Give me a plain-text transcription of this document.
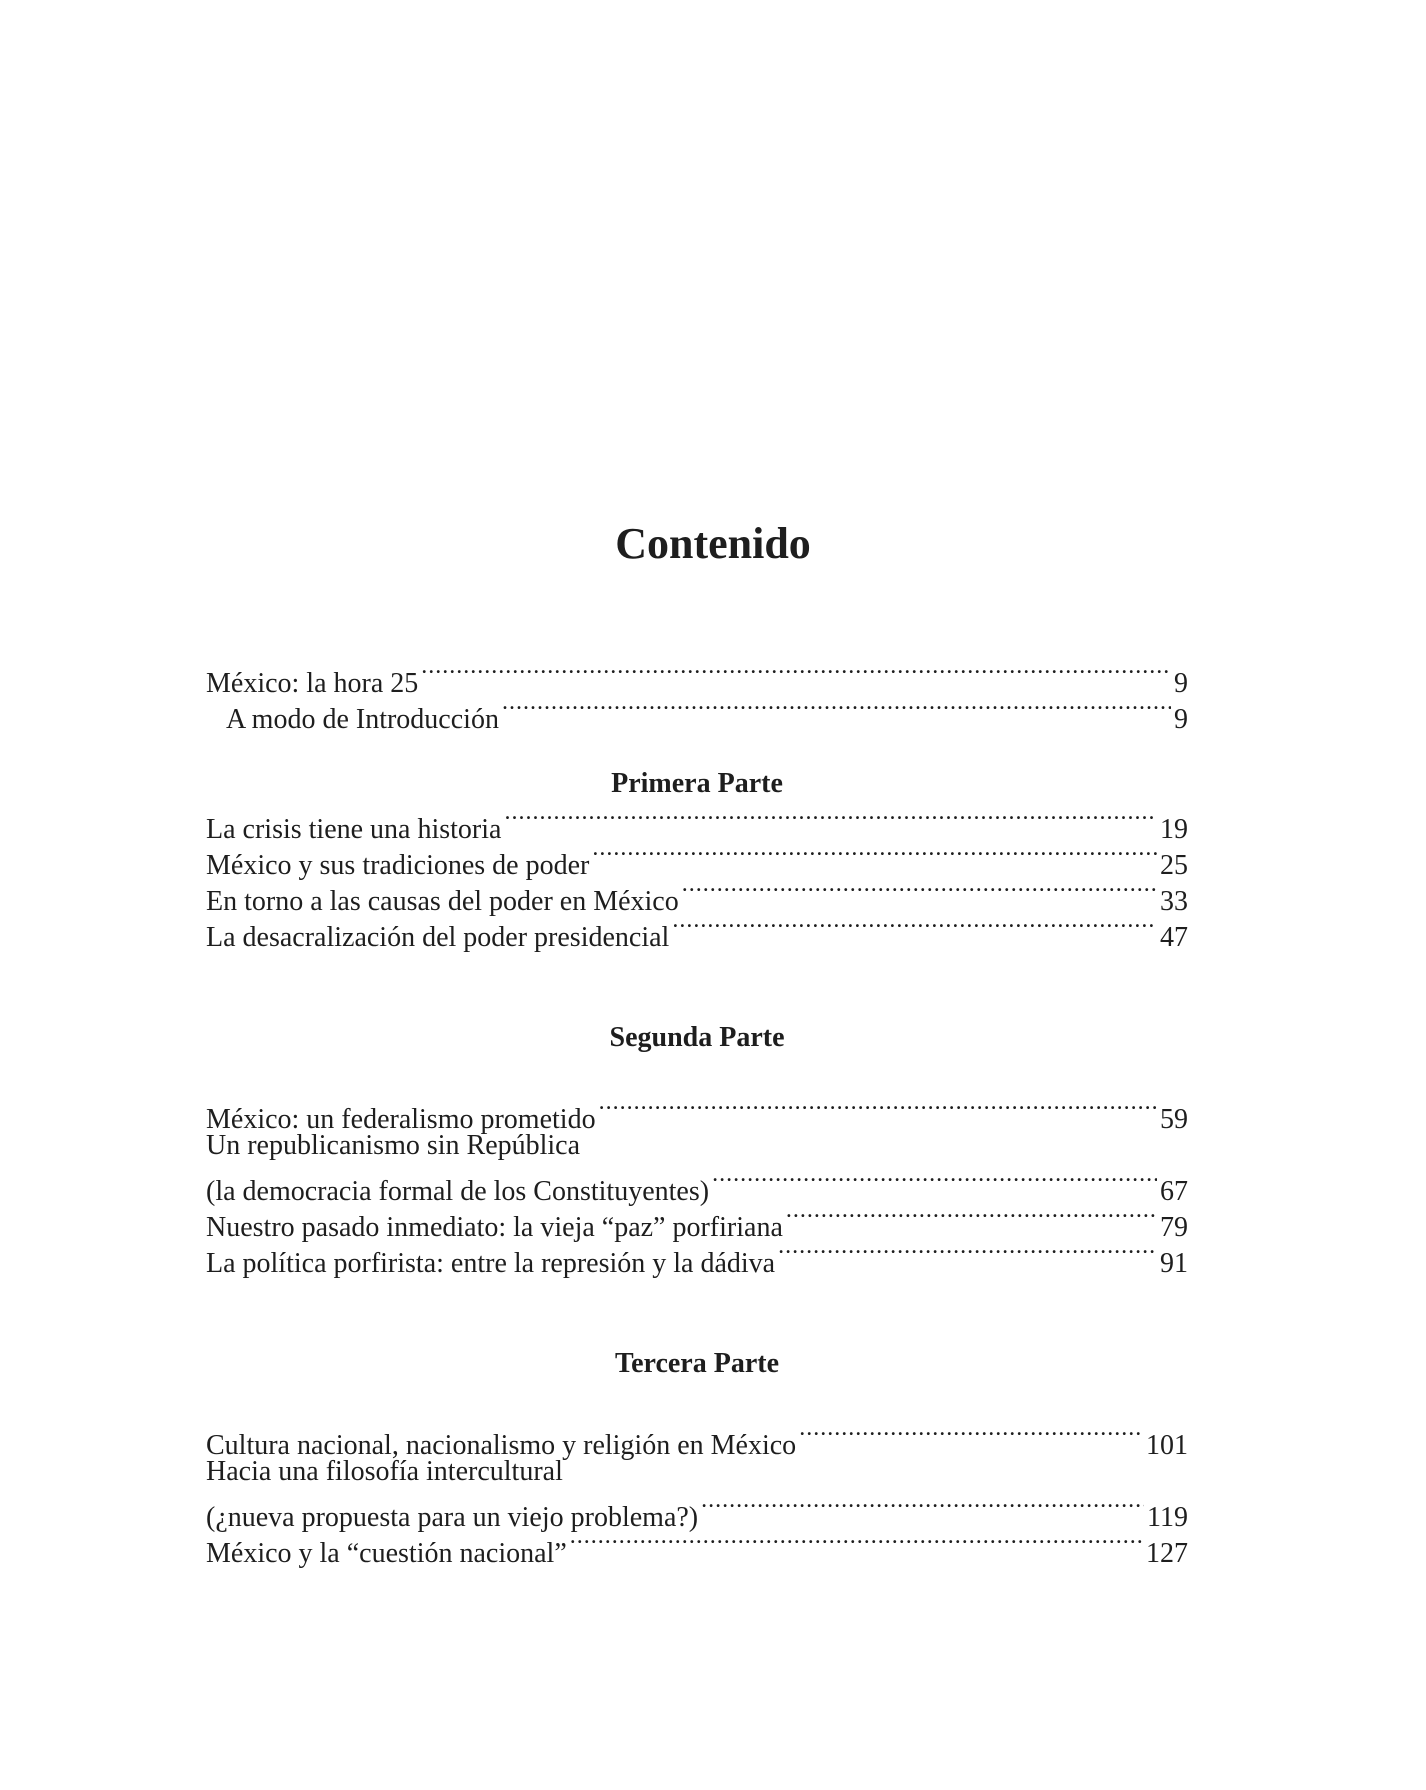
Contenido
México: la hora 25 .....	9
A modo de Introducción .....	9
Primera Parte
La crisis tiene una historia .....	19
México y sus tradiciones de poder .....	25
En torno a las causas del poder en México .....	33
La desacralización del poder presidencial .....	47
Segunda Parte
México: un federalismo prometido .....	59
Un republicanismo sin República
(la democracia formal de los Constituyentes) .....	67
Nuestro pasado inmediato: la vieja “paz” porfiriana .....	79
La política porfirista: entre la represión y la dádiva .....	91
Tercera Parte
Cultura nacional, nacionalismo y religión en México .....	101
Hacia una filosofía intercultural
(¿nueva propuesta para un viejo problema?) .....	119
México y la “cuestión nacional” .....	127
